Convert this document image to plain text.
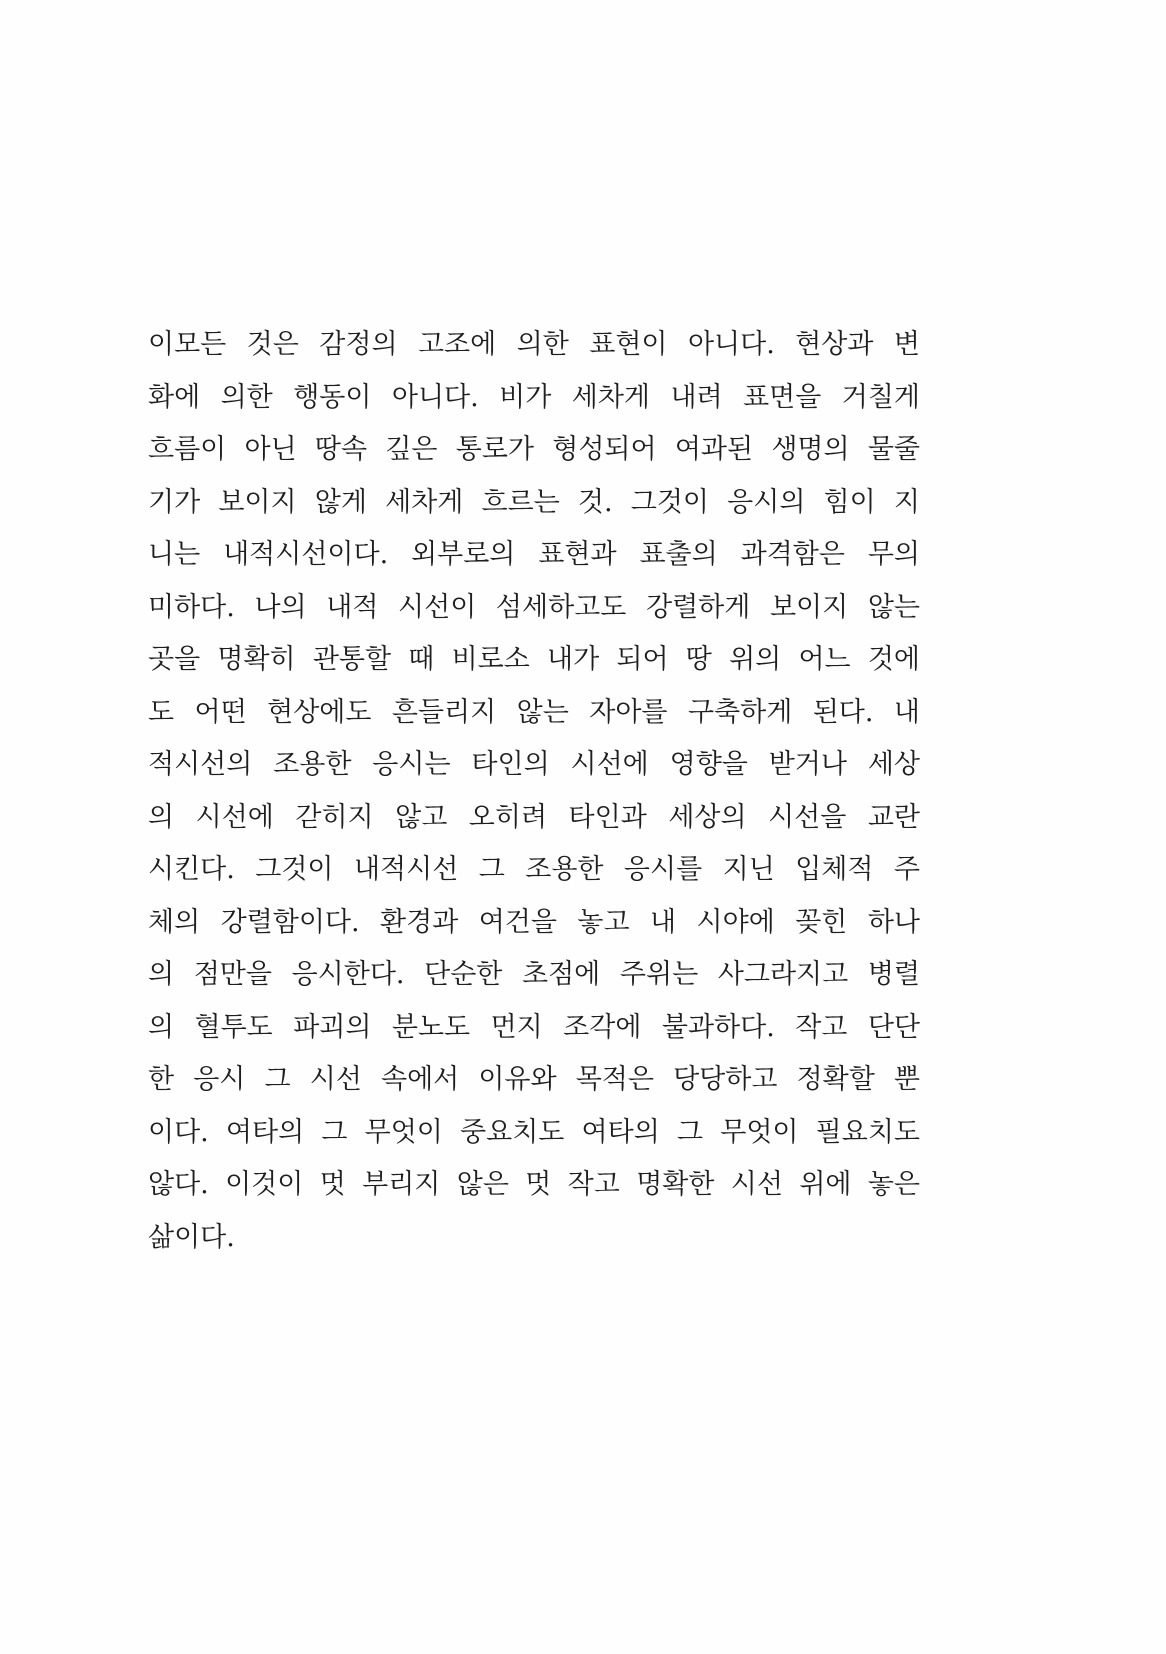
이모든 것은 감정의 고조에 의한 표현이 아니다. 현상과 변
화에 의한 행동이 아니다. 비가 세차게 내려 표면을 거칠게
흐름이 아닌 땅속 깊은 통로가 형성되어 여과된 생명의 물줄
기가 보이지 않게 세차게 흐르는 것. 그것이 응시의 힘이 지
니는 내적시선이다. 외부로의 표현과 표출의 과격함은 무의
미하다. 나의 내적 시선이 섬세하고도 강렬하게 보이지 않는
곳을 명확히 관통할 때 비로소 내가 되어 땅 위의 어느 것에
도 어떤 현상에도 흔들리지 않는 자아를 구축하게 된다. 내
적시선의 조용한 응시는 타인의 시선에 영향을 받거나 세상
의 시선에 갇히지 않고 오히려 타인과 세상의 시선을 교란
시킨다. 그것이 내적시선 그 조용한 응시를 지닌 입체적 주
체의 강렬함이다. 환경과 여건을 놓고 내 시야에 꽂힌 하나
의 점만을 응시한다. 단순한 초점에 주위는 사그라지고 병렬
의 혈투도 파괴의 분노도 먼지 조각에 불과하다. 작고 단단
한 응시 그 시선 속에서 이유와 목적은 당당하고 정확할 뿐
이다. 여타의 그 무엇이 중요치도 여타의 그 무엇이 필요치도
않다. 이것이 멋 부리지 않은 멋 작고 명확한 시선 위에 놓은
삶이다.
